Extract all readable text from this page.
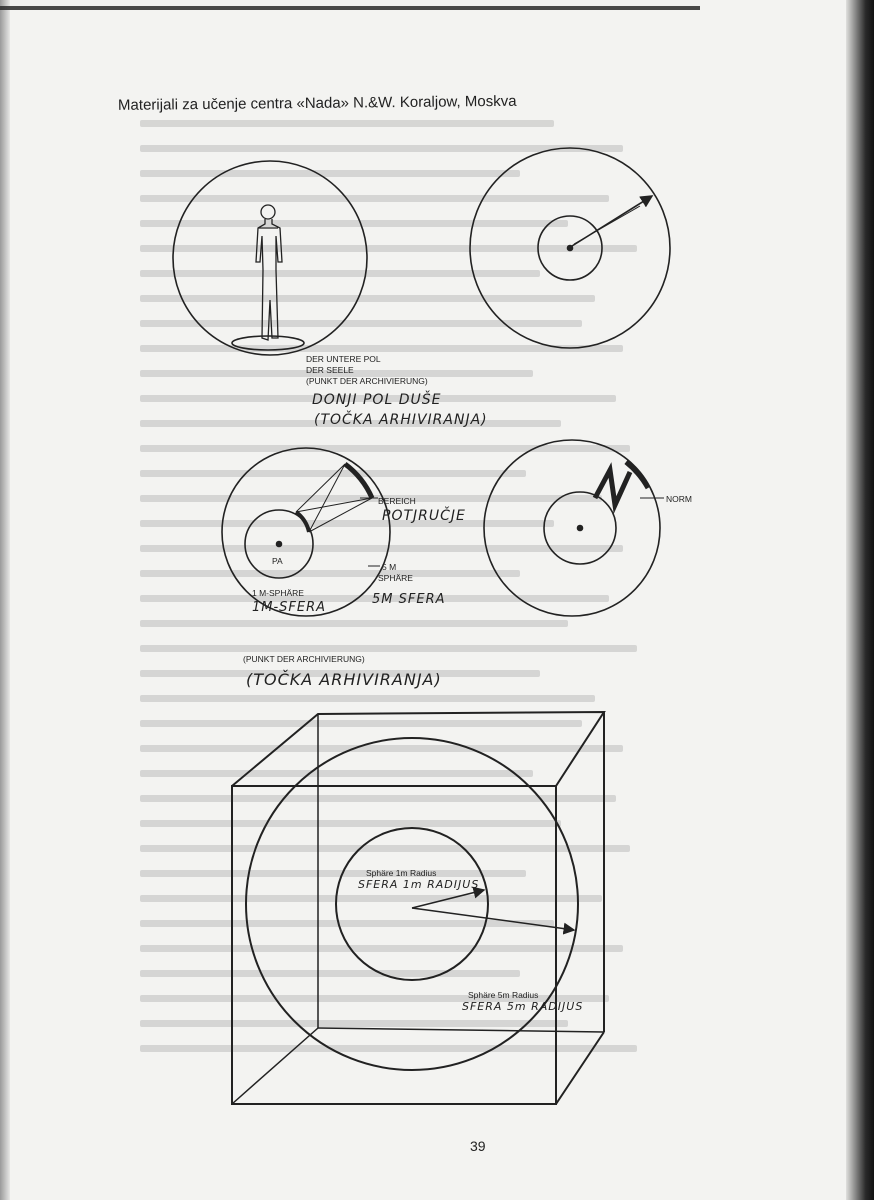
Materijali za učenje centra «Nada» N.&W. Koraljow, Moskva
DER UNTERE POL
DER SEELE
(PUNKT DER ARCHIVIERUNG)
DONJI POL DUŠE
(TOČKA ARHIVIRANJA)
BEREICH
POTJRUČJE
PA
1 M-SPHÄRE
1M-SFERA
5 M
SPHÄRE
5M SFERA
(PUNKT DER ARCHIVIERUNG)
(TOČKA ARHIVIRANJA)
NORM
Sphäre 1m Radius
SFERA 1m RADIJUS
Sphäre 5m Radius
SFERA 5m RADIJUS
39
